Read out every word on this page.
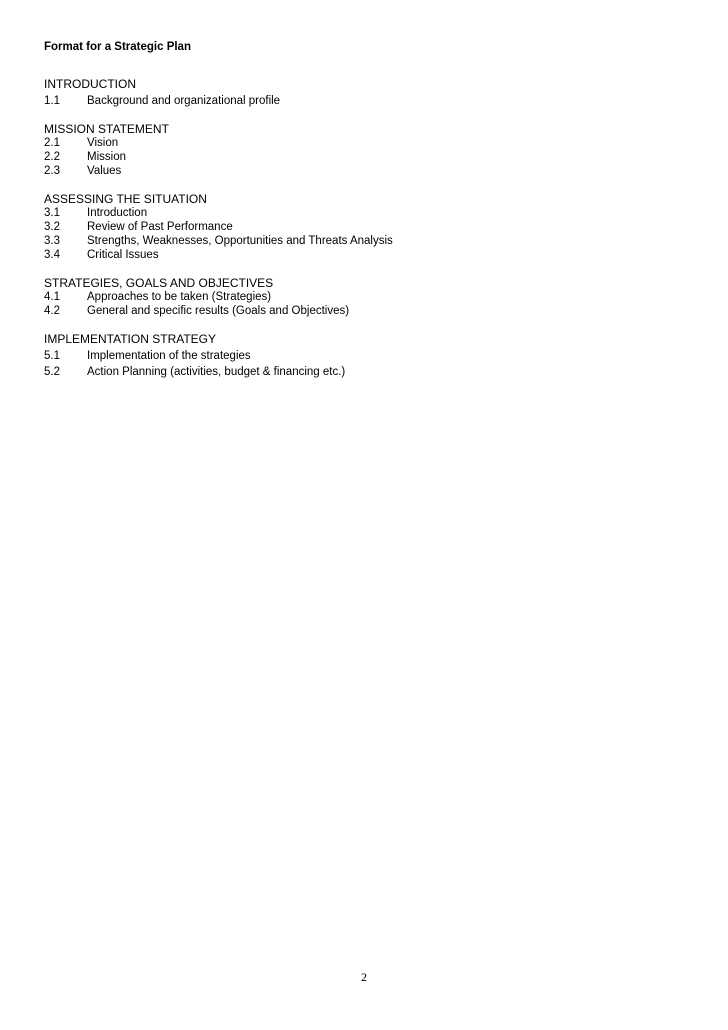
Format for a Strategic Plan
INTRODUCTION
1.1	Background and organizational profile
MISSION STATEMENT
2.1	Vision
2.2	Mission
2.3	Values
ASSESSING THE SITUATION
3.1	Introduction
3.2	Review of Past Performance
3.3	Strengths, Weaknesses, Opportunities and Threats Analysis
3.4	Critical Issues
STRATEGIES, GOALS AND OBJECTIVES
4.1	Approaches to be taken (Strategies)
4.2	General and specific results (Goals and Objectives)
IMPLEMENTATION STRATEGY
5.1	Implementation of the strategies
5.2	Action Planning (activities, budget & financing etc.)
2
